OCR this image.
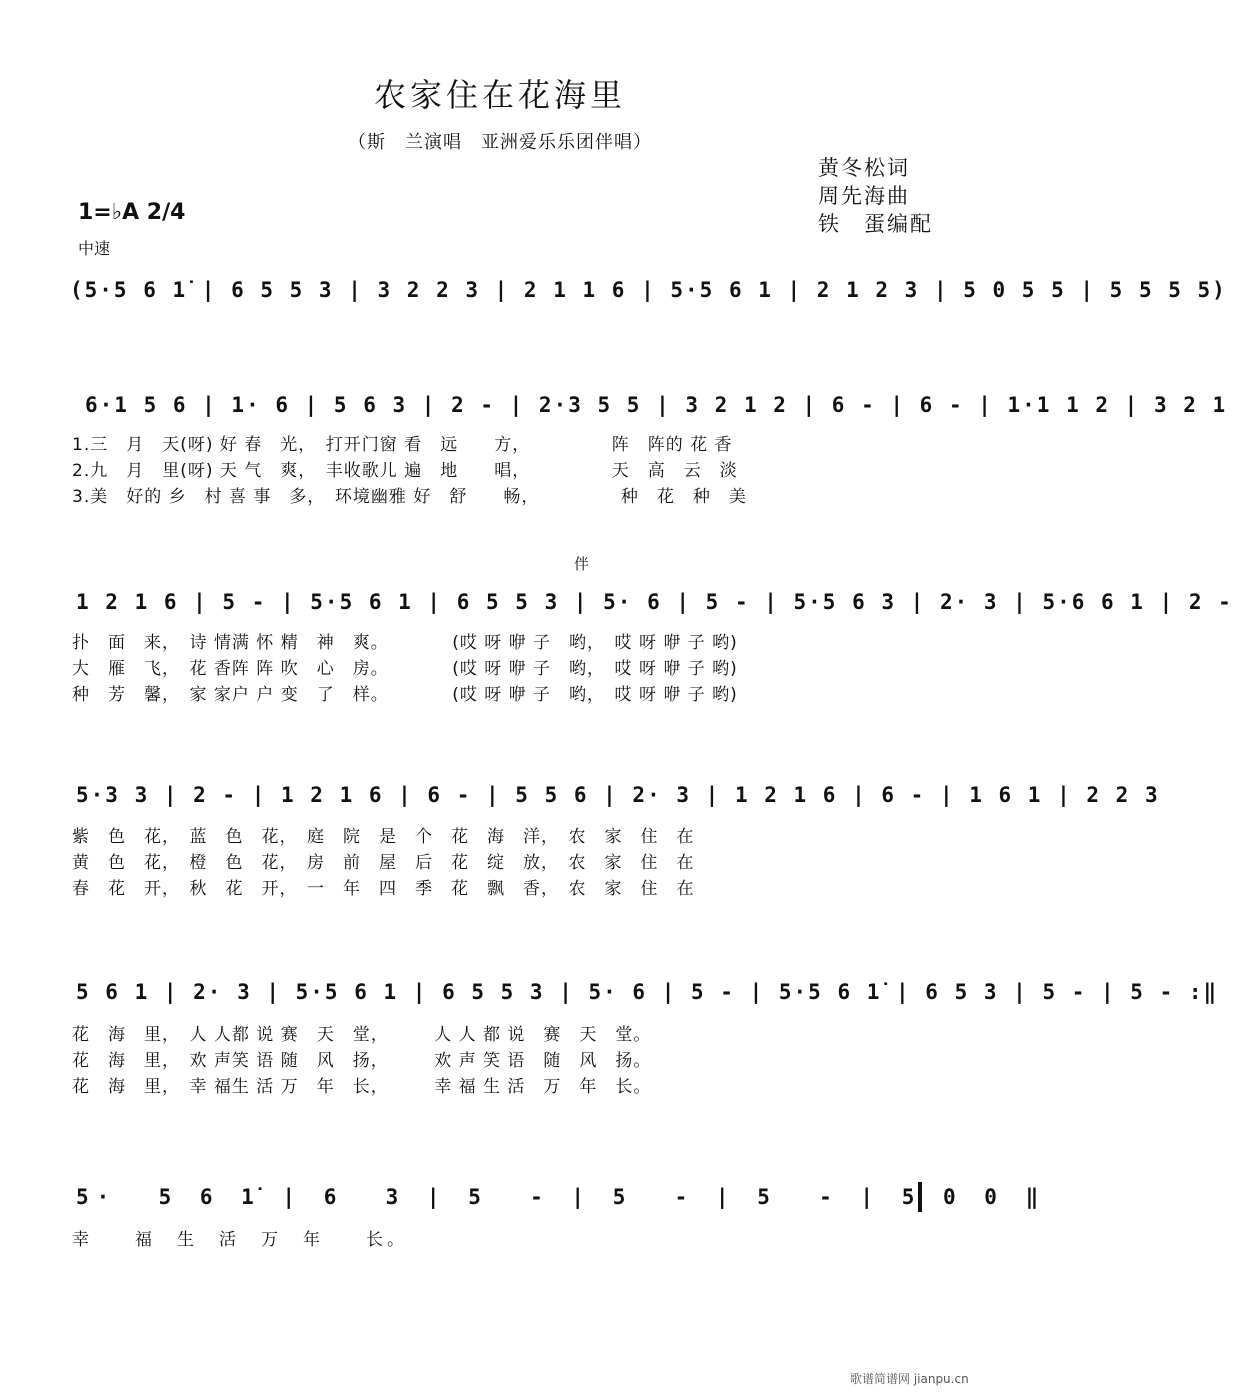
农家住在花海里
（斯　兰演唱　亚洲爱乐乐团伴唱）
黄冬松词
周先海曲
铁　蛋编配
1=♭A 2/4
中速
(5·5 6 1̇ | 6 5 5 3 | 3 2 2 3 | 2 1 1 6 | 5·5 6 1 | 2 1 2 3 | 5 0 5 5 | 5 5 5 5)
6·1 5 6 | 1· 6 | 5 6 3 | 2 - | 2·3 5 5 | 3 2 1 2 | 6 - | 6 - | 1·1 1 2 | 3 2 1
1.三　月　天(呀) 好 春　光，　打开门窗 看　远　　方，　　　　　阵　阵的 花 香
2.九　月　里(呀) 天 气　爽，　丰收歌儿 遍　地　　唱，　　　　　天　高　云　淡
3.美　好的 乡　村 喜 事　多，　环境幽雅 好　舒　　畅，　　　　　种　花　种　美
伴
1 2 1 6 | 5 - | 5·5 6 1 | 6 5 5 3 | 5· 6 | 5 - | 5·5 6 3 | 2· 3 | 5·6 6 1 | 2 -
扑　面　来，　诗 情满 怀 精　神　爽。　　　　(哎 呀 咿 子　哟，　哎 呀 咿 子 哟)
大　雁　飞，　花 香阵 阵 吹　心　房。　　　　(哎 呀 咿 子　哟，　哎 呀 咿 子 哟)
种　芳　馨，　家 家户 户 变　了　样。　　　　(哎 呀 咿 子　哟，　哎 呀 咿 子 哟)
5·3 3 | 2 - | 1 2 1 6 | 6 - | 5 5 6 | 2· 3 | 1 2 1 6 | 6 - | 1 6 1 | 2 2 3
紫　色　花，　蓝　色　花，　庭　院　是　个　花　海　洋，　农　家　住　在
黄　色　花，　橙　色　花，　房　前　屋　后　花　绽　放，　农　家　住　在
春　花　开，　秋　花　开，　一　年　四　季　花　飘　香，　农　家　住　在
5 6 1 | 2· 3 | 5·5 6 1 | 6 5 5 3 | 5· 6 | 5 - | 5·5 6 1̇ | 6 5 3 | 5 - | 5 - :‖
花　海　里，　人 人都 说 赛　天　堂，　　　人 人 都 说　赛　天　堂。
花　海　里，　欢 声笑 语 随　风　扬，　　　欢 声 笑 语　随　风　扬。
花　海　里，　幸 福生 活 万　年　长，　　　幸 福 生 活　万　年　长。
5·  5 6 1̇ | 6  3 | 5  - | 5  - | 5  - | 5 0 0 ‖
幸　　福　生　活　万　年　　长。
歌谱简谱网 jianpu.cn
